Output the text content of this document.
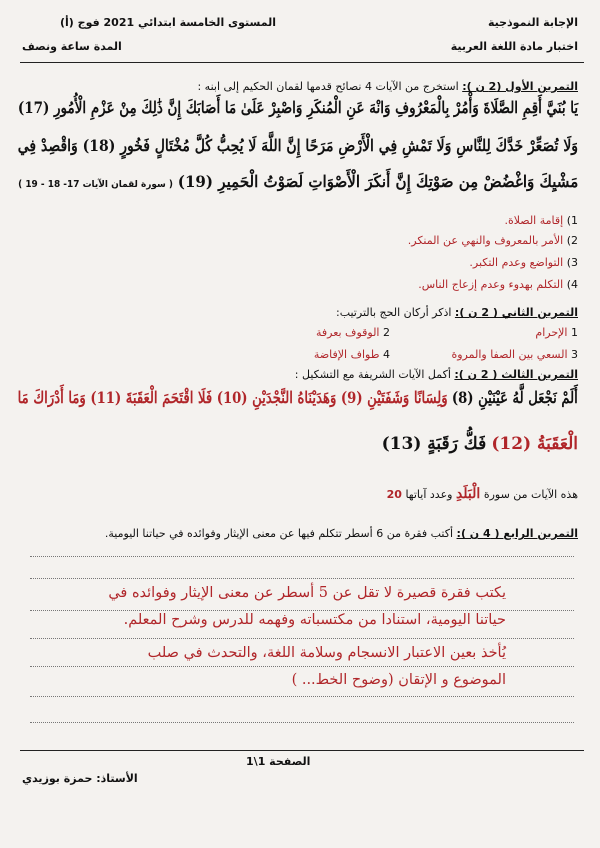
الإجابة النموذجية
اختبار مادة اللغة العربية
المستوى الخامسة ابتدائي 2021 فوج (أ)
المدة ساعة ونصف
التمرين الأول (2 ن ): استخرج من الآيات 4 نصائح قدمها لقمان الحكيم إلى ابنه :
يَا بُنَيَّ أَقِمِ الصَّلَاةَ وَأْمُرْ بِالْمَعْرُوفِ وَانْهَ عَنِ الْمُنكَرِ وَاصْبِرْ عَلَىٰ مَا أَصَابَكَ إِنَّ ذَٰلِكَ مِنْ عَزْمِ الْأُمُورِ (17)
وَلَا تُصَعِّرْ خَدَّكَ لِلنَّاسِ وَلَا تَمْشِ فِي الْأَرْضِ مَرَحًا إِنَّ اللَّهَ لَا يُحِبُّ كُلَّ مُخْتَالٍ فَخُورٍ (18) وَاقْصِدْ فِي
مَشْيِكَ وَاغْضُضْ مِن صَوْتِكَ إِنَّ أَنكَرَ الْأَصْوَاتِ لَصَوْتُ الْحَمِيرِ (19) ( سورة لقمان الآيات 17- 18 - 19 )
1) إقامة الصلاة.
2) الأمر بالمعروف والنهي عن المنكر.
3) التواضع وعدم التكبر.
4) التكلم بهدوء وعدم إزعاج الناس.
التمرين الثاني ( 2 ن ): اذكر أركان الحج بالترتيب:
1 الإحرام
2 الوقوف بعرفة
3 السعي بين الصفا والمروة
4 طواف الإفاضة
التمرين الثالث ( 2 ن ): أكمل الآيات الشريفة مع التشكيل :
أَلَمْ نَجْعَل لَّهُ عَيْنَيْنِ (8) وَلِسَانًا وَشَفَتَيْنِ (9) وَهَدَيْنَاهُ النَّجْدَيْنِ (10) فَلَا اقْتَحَمَ الْعَقَبَةَ (11) وَمَا أَدْرَاكَ مَا
الْعَقَبَةُ (12) فَكُّ رَقَبَةٍ (13)
هذه الآيات من سورة الْبَلَدِ وعدد آياتها 20
التمرين الرابع ( 4 ن ): أكتب فقرة من 6 أسطر تتكلم فيها عن معنى الإيثار وفوائده في حياتنا اليومية.
يكتب فقرة قصيرة لا تقل عن 5 أسطر عن معنى الإيثار وفوائده في
حياتنا اليومية، استنادا من مكتسباته وفهمه للدرس وشرح المعلم.
يُأخذ بعين الاعتبار الانسجام وسلامة اللغة، والتحدث في صلب
الموضوع و الإتقان (وضوح الخط... )
الصفحة 1\1
الأستاذ: حمزة بوزيدي
